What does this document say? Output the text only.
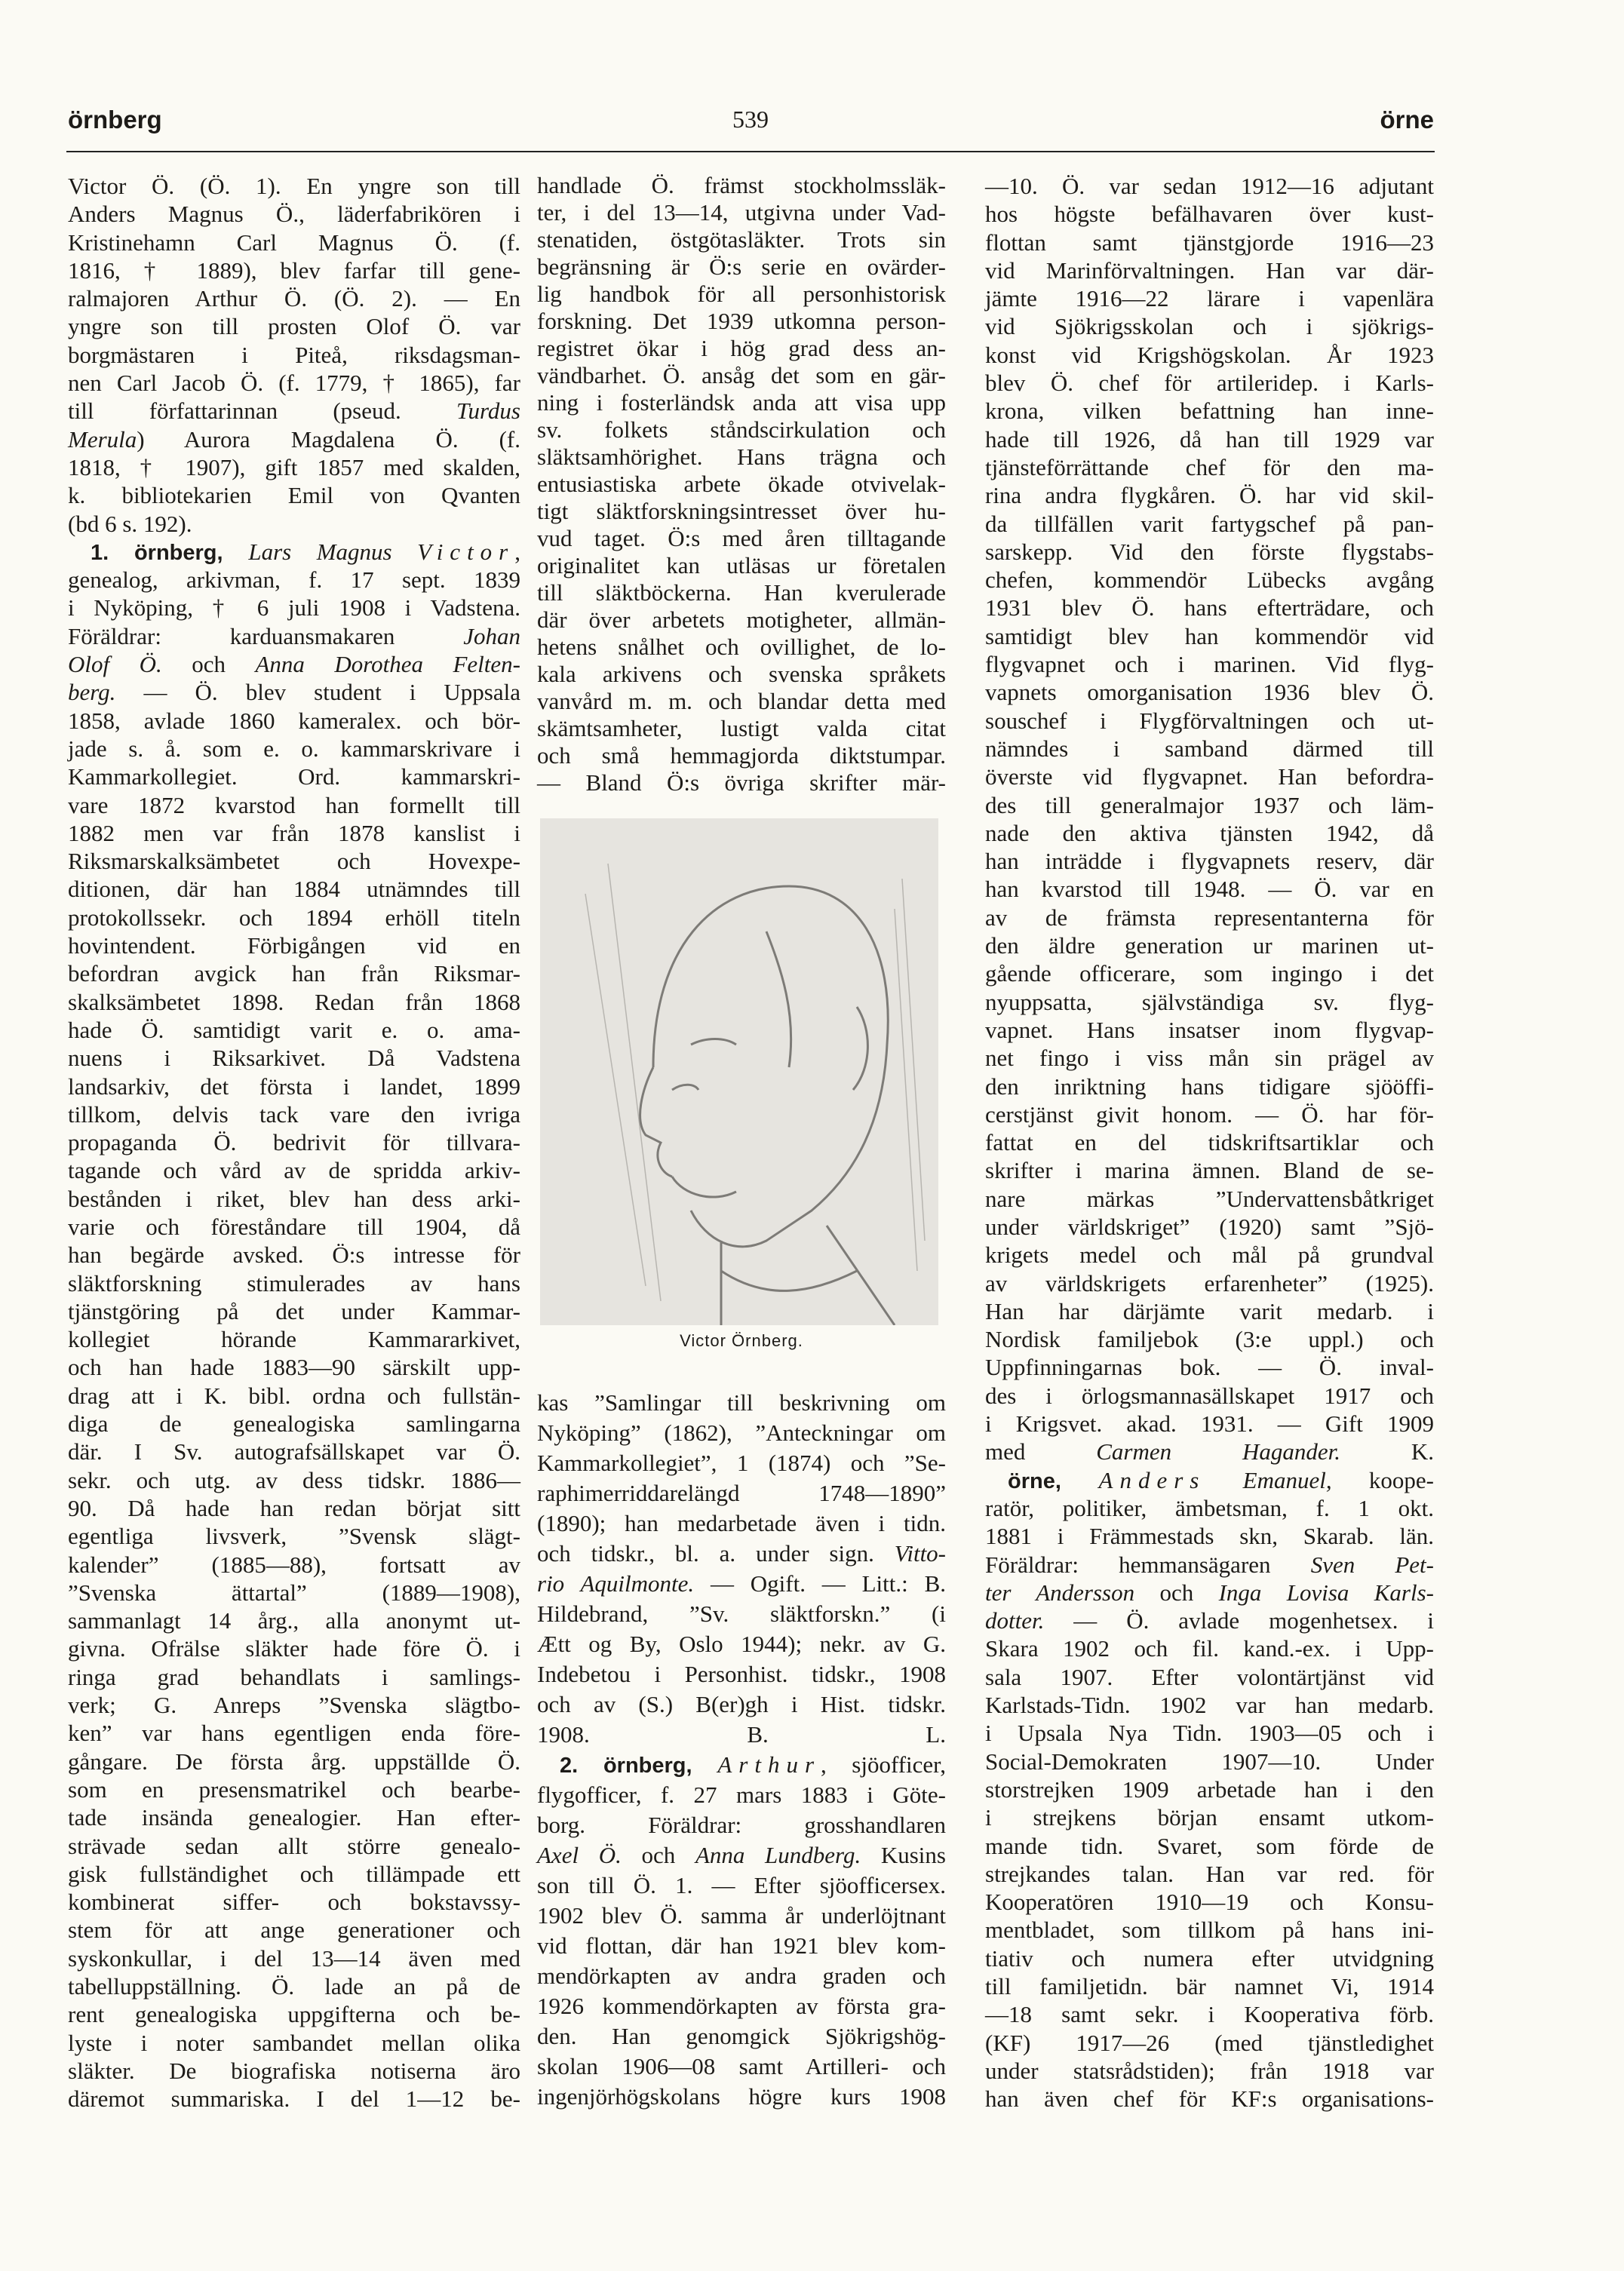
örnberg	539	örne
Victor Ö. (Ö. 1). En yngre son till
Anders Magnus Ö., läderfabrikören i
Kristinehamn Carl Magnus Ö. (f.
1816, † 1889), blev farfar till gene-
ralmajoren Arthur Ö. (Ö. 2). — En
yngre son till prosten Olof Ö. var
borgmästaren i Piteå, riksdagsman-
nen Carl Jacob Ö. (f. 1779, † 1865), far
till författarinnan (pseud. Turdus
Merula) Aurora Magdalena Ö. (f.
1818, † 1907), gift 1857 med skalden,
k. bibliotekarien Emil von Qvanten
(bd 6 s. 192).
1. örnberg, Lars Magnus Victor,
genealog, arkivman, f. 17 sept. 1839
i Nyköping, † 6 juli 1908 i Vadstena.
Föräldrar: karduansmakaren Johan
Olof Ö. och Anna Dorothea Felten-
berg. — Ö. blev student i Uppsala
1858, avlade 1860 kameralex. och bör-
jade s. å. som e. o. kammarskrivare i
Kammarkollegiet. Ord. kammarskri-
vare 1872 kvarstod han formellt till
1882 men var från 1878 kanslist i
Riksmarskalksämbetet och Hovexpe-
ditionen, där han 1884 utnämndes till
protokollssekr. och 1894 erhöll titeln
hovintendent. Förbigången vid en
befordran avgick han från Riksmar-
skalksämbetet 1898. Redan från 1868
hade Ö. samtidigt varit e. o. ama-
nuens i Riksarkivet. Då Vadstena
landsarkiv, det första i landet, 1899
tillkom, delvis tack vare den ivriga
propaganda Ö. bedrivit för tillvara-
tagande och vård av de spridda arkiv-
bestånden i riket, blev han dess arki-
varie och föreståndare till 1904, då
han begärde avsked. Ö:s intresse för
släktforskning stimulerades av hans
tjänstgöring på det under Kammar-
kollegiet hörande Kammararkivet,
och han hade 1883—90 särskilt upp-
drag att i K. bibl. ordna och fullstän-
diga de genealogiska samlingarna
där. I Sv. autografsällskapet var Ö.
sekr. och utg. av dess tidskr. 1886—
90. Då hade han redan börjat sitt
egentliga livsverk, ”Svensk slägt-
kalender” (1885—88), fortsatt av
”Svenska ättartal” (1889—1908),
sammanlagt 14 årg., alla anonymt ut-
givna. Ofrälse släkter hade före Ö. i
ringa grad behandlats i samlings-
verk; G. Anreps ”Svenska slägtbo-
ken” var hans egentligen enda före-
gångare. De första årg. uppställde Ö.
som en presensmatrikel och bearbe-
tade insända genealogier. Han efter-
strävade sedan allt större genealo-
gisk fullständighet och tillämpade ett
kombinerat siffer- och bokstavssy-
stem för att ange generationer och
syskonkullar, i del 13—14 även med
tabelluppställning. Ö. lade an på de
rent genealogiska uppgifterna och be-
lyste i noter sambandet mellan olika
släkter. De biografiska notiserna äro
däremot summariska. I del 1—12 be-
handlade Ö. främst stockholmssläk-
ter, i del 13—14, utgivna under Vad-
stenatiden, östgötasläkter. Trots sin
begränsning är Ö:s serie en ovärder-
lig handbok för all personhistorisk
forskning. Det 1939 utkomna person-
registret ökar i hög grad dess an-
vändbarhet. Ö. ansåg det som en gär-
ning i fosterländsk anda att visa upp
sv. folkets ståndscirkulation och
släktsamhörighet. Hans trägna och
entusiastiska arbete ökade otvivelak-
tigt släktforskningsintresset över hu-
vud taget. Ö:s med åren tilltagande
originalitet kan utläsas ur företalen
till släktböckerna. Han kverulerade
där över arbetets motigheter, allmän-
hetens snålhet och ovillighet, de lo-
kala arkivens och svenska språkets
vanvård m. m. och blandar detta med
skämtsamheter, lustigt valda citat
och små hemmagjorda diktstumpar.
— Bland Ö:s övriga skrifter mär-
Victor Örnberg.
kas ”Samlingar till beskrivning om
Nyköping” (1862), ”Anteckningar om
Kammarkollegiet”, 1 (1874) och ”Se-
raphimerriddarelängd 1748—1890”
(1890); han medarbetade även i tidn.
och tidskr., bl. a. under sign. Vitto-
rio Aquilmonte. — Ogift. — Litt.: B.
Hildebrand, ”Sv. släktforskn.” (i
Ætt og By, Oslo 1944); nekr. av G.
Indebetou i Personhist. tidskr., 1908
och av (S.) B(er)gh i Hist. tidskr.
1908. B. L.
2. örnberg, Arthur, sjöofficer,
flygofficer, f. 27 mars 1883 i Göte-
borg. Föräldrar: grosshandlaren
Axel Ö. och Anna Lundberg. Kusins
son till Ö. 1. — Efter sjöofficersex.
1902 blev Ö. samma år underlöjtnant
vid flottan, där han 1921 blev kom-
mendörkapten av andra graden och
1926 kommendörkapten av första gra-
den. Han genomgick Sjökrigshög-
skolan 1906—08 samt Artilleri- och
ingenjörhögskolans högre kurs 1908
—10. Ö. var sedan 1912—16 adjutant
hos högste befälhavaren över kust-
flottan samt tjänstgjorde 1916—23
vid Marinförvaltningen. Han var där-
jämte 1916—22 lärare i vapenlära
vid Sjökrigsskolan och i sjökrigs-
konst vid Krigshögskolan. År 1923
blev Ö. chef för artileridep. i Karls-
krona, vilken befattning han inne-
hade till 1926, då han till 1929 var
tjänsteförrättande chef för den ma-
rina andra flygkåren. Ö. har vid skil-
da tillfällen varit fartygschef på pan-
sarskepp. Vid den förste flygstabs-
chefen, kommendör Lübecks avgång
1931 blev Ö. hans efterträdare, och
samtidigt blev han kommendör vid
flygvapnet och i marinen. Vid flyg-
vapnets omorganisation 1936 blev Ö.
souschef i Flygförvaltningen och ut-
nämndes i samband därmed till
överste vid flygvapnet. Han befordra-
des till generalmajor 1937 och läm-
nade den aktiva tjänsten 1942, då
han inträdde i flygvapnets reserv, där
han kvarstod till 1948. — Ö. var en
av de främsta representanterna för
den äldre generation ur marinen ut-
gående officerare, som ingingo i det
nyuppsatta, självständiga sv. flyg-
vapnet. Hans insatser inom flygvap-
net fingo i viss mån sin prägel av
den inriktning hans tidigare sjööffi-
cerstjänst givit honom. — Ö. har för-
fattat en del tidskriftsartiklar och
skrifter i marina ämnen. Bland de se-
nare märkas ”Undervattensbåtkriget
under världskriget” (1920) samt ”Sjö-
krigets medel och mål på grundval
av världskrigets erfarenheter” (1925).
Han har därjämte varit medarb. i
Nordisk familjebok (3:e uppl.) och
Uppfinningarnas bok. — Ö. inval-
des i örlogsmannasällskapet 1917 och
i Krigsvet. akad. 1931. — Gift 1909
med Carmen Hagander. K.
örne, Anders Emanuel, koope-
ratör, politiker, ämbetsman, f. 1 okt.
1881 i Främmestads skn, Skarab. län.
Föräldrar: hemmansägaren Sven Pet-
ter Andersson och Inga Lovisa Karls-
dotter. — Ö. avlade mogenhetsex. i
Skara 1902 och fil. kand.-ex. i Upp-
sala 1907. Efter volontärtjänst vid
Karlstads-Tidn. 1902 var han medarb.
i Upsala Nya Tidn. 1903—05 och i
Social-Demokraten 1907—10. Under
storstrejken 1909 arbetade han i den
i strejkens början ensamt utkom-
mande tidn. Svaret, som förde de
strejkandes talan. Han var red. för
Kooperatören 1910—19 och Konsu-
mentbladet, som tillkom på hans ini-
tiativ och numera efter utvidgning
till familjetidn. bär namnet Vi, 1914
—18 samt sekr. i Kooperativa förb.
(KF) 1917—26 (med tjänstledighet
under statsrådstiden); från 1918 var
han även chef för KF:s organisations-
